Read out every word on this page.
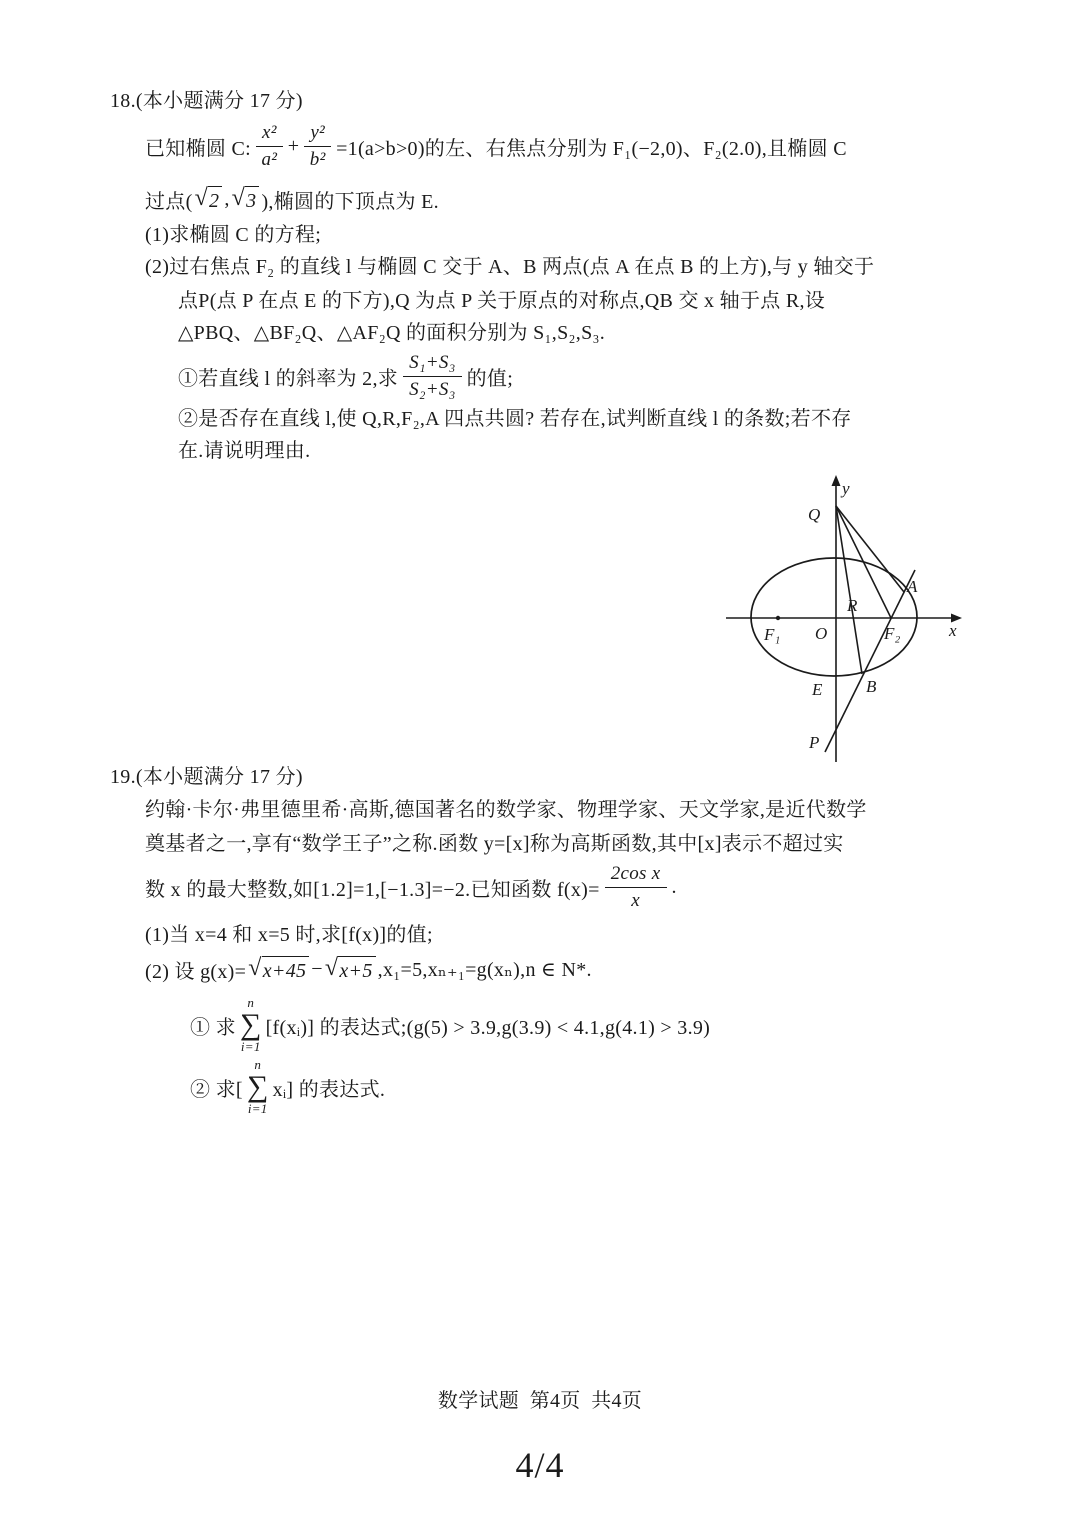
18.(本小题满分 17 分)
已知椭圆 C: $\frac{\text{x²}}{\text{a²}} + \frac{\text{y²}}{\text{b²}} =1(a>b>0)$的左、右焦点分别为 F₁(−2,0)、F₂(2.0),且椭圆 C
过点( √ 2 , √ 3 ),椭圆的下顶点为 E.
(1)求椭圆 C 的方程;
(2)过右焦点 F₂ 的直线 l 与椭圆 C 交于 A、B 两点(点 A 在点 B 的上方),与 y 轴交于
点P(点 P 在点 E 的下方),Q 为点 P 关于原点的对称点,QB 交 x 轴于点 R,设
△PBQ、△BF₂Q、△AF₂Q 的面积分别为 S₁,S₂,S₃.
①若直线 l 的斜率为 2,求 $\frac{\text{S₁+S₃}}{\text{S₂+S₃}}$ 的值;
②是否存在直线 l,使 Q,R,F₂,A 四点共圆? 若存在,试判断直线 l 的条数;若不存
在.请说明理由.
y
Q
A
R
x
F₁ O	F₂
E	B
P
19.(本小题满分 17 分)
约翰·卡尔·弗里德里希·高斯,德国著名的数学家、物理学家、天文学家,是近代数学
奠基者之一,享有“数学王子”之称.函数 y=[x]称为高斯函数,其中[x]表示不超过实
数 x 的最大整数,如[1.2]=1,[−1.3]=−2.已知函数 $f(x)= \frac{\text{2cos x}}{x}$ .
(1)当 x=4 和 x=5 时,求[f(x)]的值;
(2) 设 g(x)= √ x+45 − √ x+5 ,x₁=5,xₙ₊₁=g(xₙ),n ∈ N*.
① 求
n
∑
i=1
[f(xᵢ)] 的表达式;(g(5) > 3.9,g(3.9) < 4.1,g(4.1) > 3.9)
② 求[
n
∑
i=1
xᵢ] 的表达式.
数学试题  第4页  共4页
4/4
